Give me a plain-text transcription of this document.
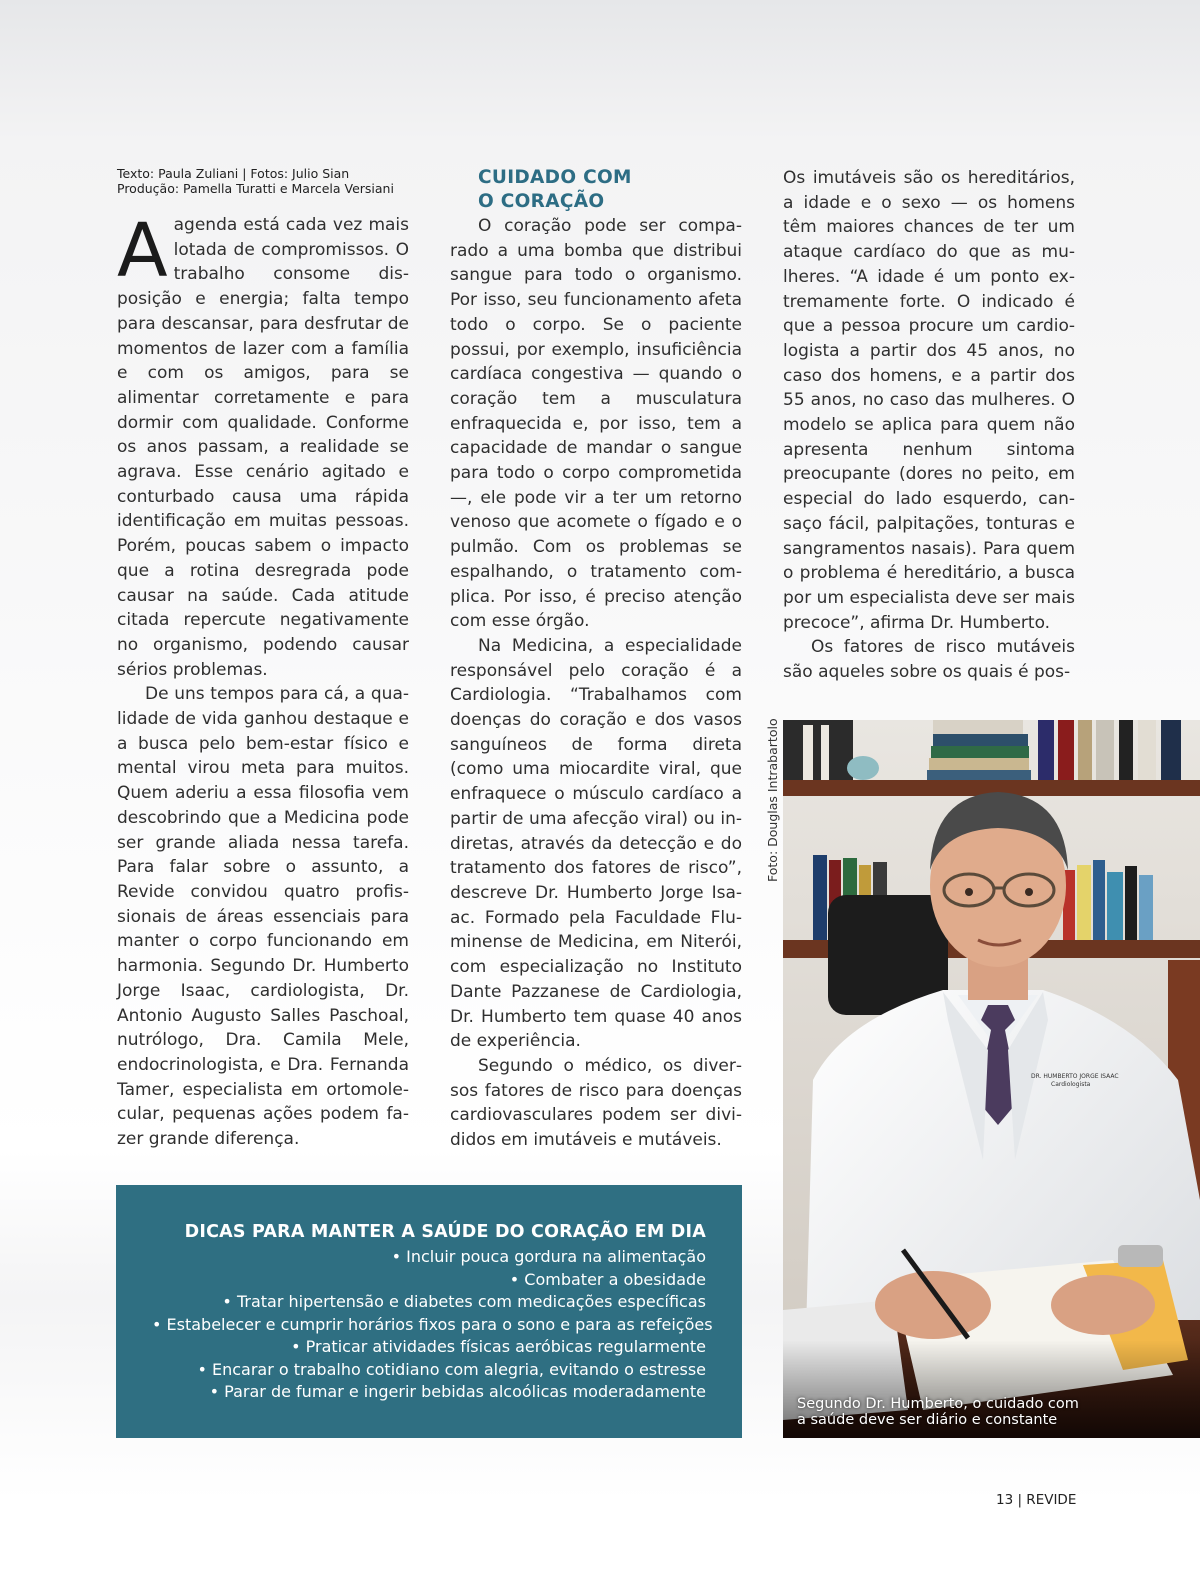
Texto: Paula Zuliani | Fotos: Julio Sian
Produção: Pamella Turatti e Marcela Versiani

Aagenda está cada vez mais lotada de compromissos. O trabalho consome disposição e energia; falta tempo para descansar, para desfrutar de momentos de lazer com a família e com os amigos, para se alimentar corretamente e para dormir com qualidade. Conforme os anos passam, a realidade se agrava. Esse cenário agitado e conturbado causa uma rápida identificação em muitas pessoas. Porém, poucas sabem o impacto que a rotina desregrada pode causar na saúde. Cada atitude citada repercute negativamente no organismo, podendo causar sérios problemas.

De uns tempos para cá, a qualidade de vida ganhou destaque e a busca pelo bem-estar físico e mental virou meta para muitos. Quem aderiu a essa filosofia vem descobrindo que a Medicina pode ser grande aliada nessa tarefa. Para falar sobre o assunto, a Revide convidou quatro profissionais de áreas essenciais para manter o corpo funcionando em harmonia. Segundo Dr. Humberto Jorge Isaac, cardiologista, Dr. Antonio Augusto Salles Paschoal, nutrólogo, Dra. Camila Mele, endocrinologista, e Dra. Fernanda Tamer, especialista em ortomolecular, pequenas ações podem fazer grande diferença.

CUIDADO COM
O CORAÇÃO

O coração pode ser comparado a uma bomba que distribui sangue para todo o organismo. Por isso, seu funcionamento afeta todo o corpo. Se o paciente possui, por exemplo, insuficiência cardíaca congestiva — quando o coração tem a musculatura enfraquecida e, por isso, tem a capacidade de mandar o sangue para todo o corpo comprometida —, ele pode vir a ter um retorno venoso que acomete o fígado e o pulmão. Com os problemas se espalhando, o tratamento complica. Por isso, é preciso atenção com esse órgão.

Na Medicina, a especialidade responsável pelo coração é a Cardiologia. “Trabalhamos com doenças do coração e dos vasos sanguíneos de forma direta (como uma miocardite viral, que enfraquece o músculo cardíaco a partir de uma afecção viral) ou indiretas, através da detecção e do tratamento dos fatores de risco”, descreve Dr. Humberto Jorge Isaac. Formado pela Faculdade Fluminense de Medicina, em Niterói, com especialização no Instituto Dante Pazzanese de Cardiologia, Dr. Humberto tem quase 40 anos de experiência.

Segundo o médico, os diversos fatores de risco para doenças cardiovasculares podem ser divididos em imutáveis e mutáveis.

Os imutáveis são os hereditários, a idade e o sexo — os homens têm maiores chances de ter um ataque cardíaco do que as mulheres. “A idade é um ponto extremamente forte. O indicado é que a pessoa procure um cardiologista a partir dos 45 anos, no caso dos homens, e a partir dos 55 anos, no caso das mulheres. O modelo se aplica para quem não apresenta nenhum sintoma preocupante (dores no peito, em especial do lado esquerdo, cansaço fácil, palpitações, tonturas e sangramentos nasais). Para quem o problema é hereditário, a busca por um especialista deve ser mais precoce”, afirma Dr. Humberto.

Os fatores de risco mutáveis são aqueles sobre os quais é pos-

DICAS PARA MANTER A SAÚDE DO CORAÇÃO EM DIA
• Incluir pouca gordura na alimentação
• Combater a obesidade
• Tratar hipertensão e diabetes com medicações específicas
• Estabelecer e cumprir horários fixos para o sono e para as refeições
• Praticar atividades físicas aeróbicas regularmente
• Encarar o trabalho cotidiano com alegria, evitando o estresse
• Parar de fumar e ingerir bebidas alcoólicas moderadamente
Foto: Douglas Intrabartolo
DR. HUMBERTO JORGE ISAAC
Cardiologista
Segundo Dr. Humberto, o cuidado com
a saúde deve ser diário e constante
13 | REVIDE
